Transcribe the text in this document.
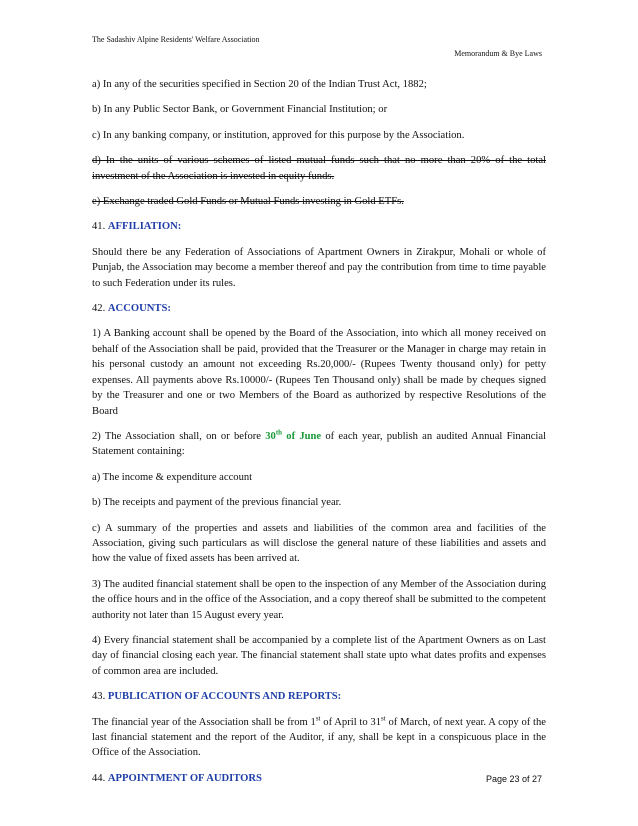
The Sadashiv Alpine Residents' Welfare Association
Memorandum & Bye Laws

a) In any of the securities specified in Section 20 of the Indian Trust Act, 1882;

b) In any Public Sector Bank, or Government Financial Institution; or

c) In any banking company, or institution, approved for this purpose by the Association.

d) In the units of various schemes of listed mutual funds such that no more than 20% of the total investment of the Association is invested in equity funds.

e) Exchange traded Gold Funds or Mutual Funds investing in Gold ETFs.

41. AFFILIATION:

Should there be any Federation of Associations of Apartment Owners in Zirakpur, Mohali or whole of Punjab, the Association may become a member thereof and pay the contribution from time to time payable to such Federation under its rules.

42. ACCOUNTS:

1) A Banking account shall be opened by the Board of the Association, into which all money received on behalf of the Association shall be paid, provided that the Treasurer or the Manager in charge may retain in his personal custody an amount not exceeding Rs.20,000/- (Rupees Twenty thousand only) for petty expenses. All payments above Rs.10000/- (Rupees Ten Thousand only) shall be made by cheques signed by the Treasurer and one or two Members of the Board as authorized by respective Resolutions of the Board

2) The Association shall, on or before 30th of June of each year, publish an audited Annual Financial Statement containing:

a) The income & expenditure account

b) The receipts and payment of the previous financial year.

c) A summary of the properties and assets and liabilities of the common area and facilities of the Association, giving such particulars as will disclose the general nature of these liabilities and assets and how the value of fixed assets has been arrived at.

3) The audited financial statement shall be open to the inspection of any Member of the Association during the office hours and in the office of the Association, and a copy thereof shall be submitted to the competent authority not later than 15 August every year.

4) Every financial statement shall be accompanied by a complete list of the Apartment Owners as on Last day of financial closing each year. The financial statement shall state upto what dates profits and expenses of common area are included.

43. PUBLICATION OF ACCOUNTS AND REPORTS:

The financial year of the Association shall be from 1st of April to 31st of March, of next year. A copy of the last financial statement and the report of the Auditor, if any, shall be kept in a conspicuous place in the Office of the Association.

44. APPOINTMENT OF AUDITORS	Page 23 of 27
